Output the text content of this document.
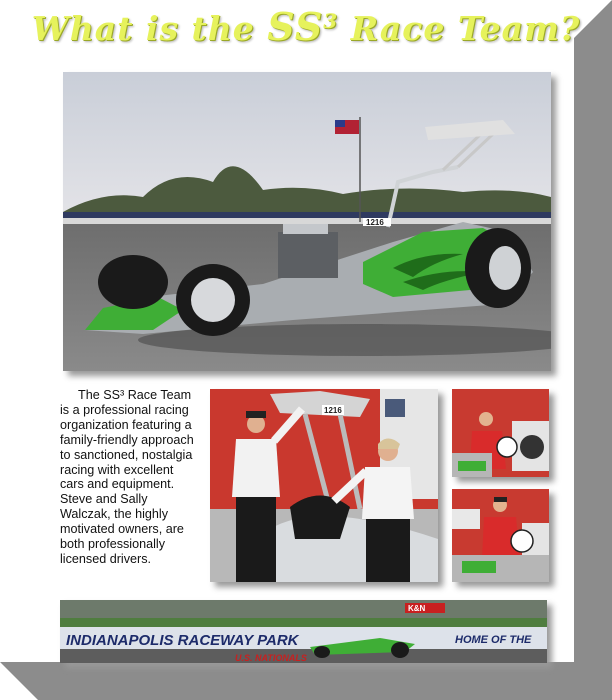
What is the $SS^3$ Race Team?
1216

The SS³ Race Team is a professional racing organization featuring a family-friendly approach to sanctioned, nostalgia racing with excellent cars and equipment. Steve and Sally Walczak, the highly motivated owners, are both professionally licensed drivers.

1216
K&N
INDIANAPOLIS RACEWAY PARK	HOME OF THE
U.S. NATIONALS
